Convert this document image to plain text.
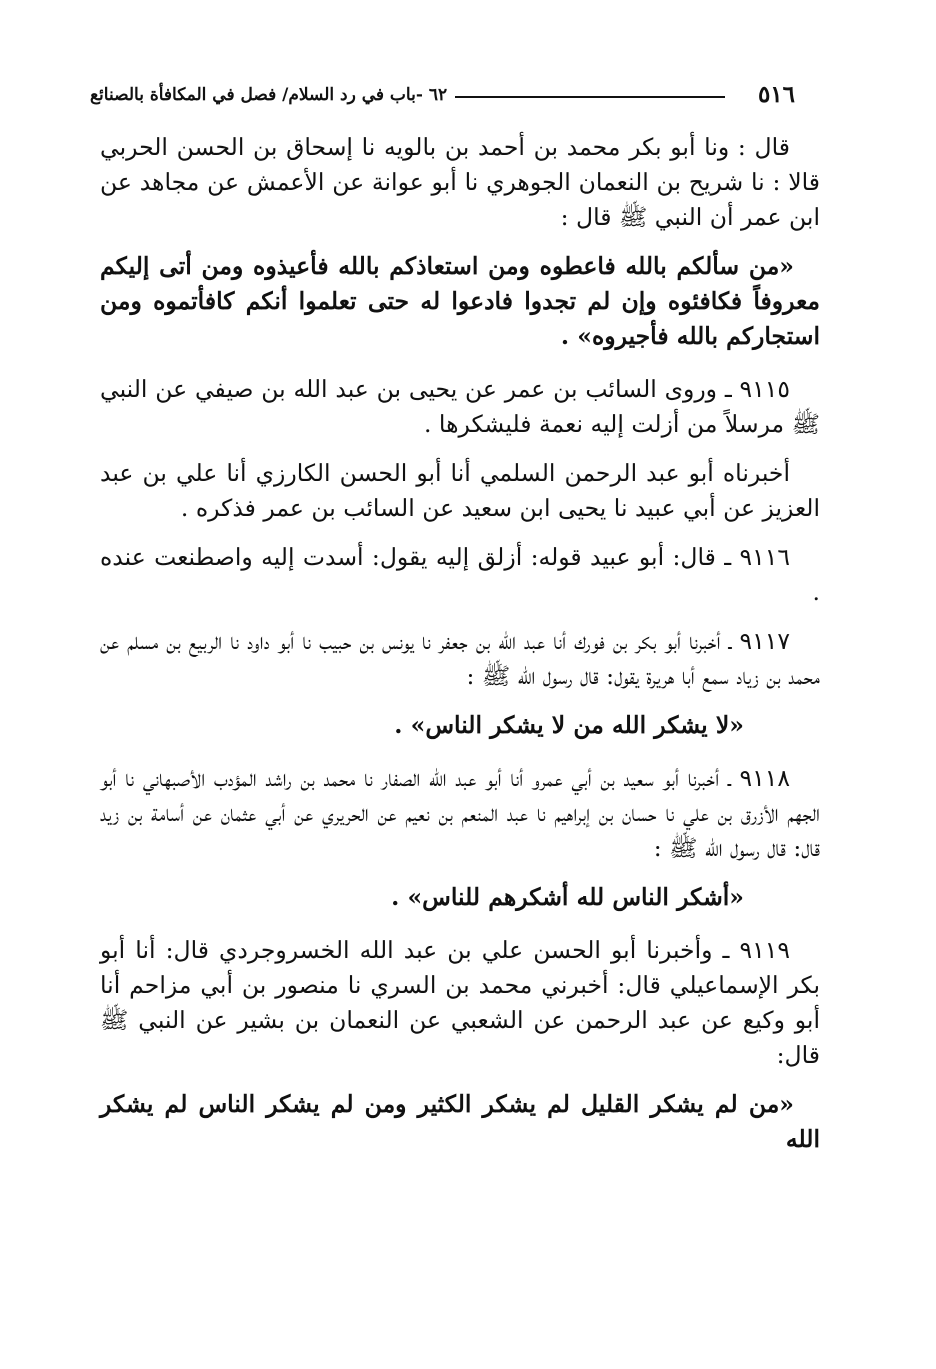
٥١٦
٦٢ -باب في رد السلام/ فصل في المكافأة بالصنائع

قال : ونا أبو بكر محمد بن أحمد بن بالويه نا إسحاق بن الحسن الحربي قالا : نا شريح بن النعمان الجوهري نا أبو عوانة عن الأعمش عن مجاهد عن ابن عمر أن النبي ﷺ قال :

«من سألكم بالله فاعطوه ومن استعاذكم بالله فأعيذوه ومن أتى إليكم معروفاً فكافئوه وإن لم تجدوا فادعوا له حتى تعلموا أنكم كافأتموه ومن استجاركم بالله فأجيروه» .

٩١١٥ ـ وروى السائب بن عمر عن يحيى بن عبد الله بن صيفي عن النبي ﷺ مرسلاً من أزلت إليه نعمة فليشكرها .

أخبرناه أبو عبد الرحمن السلمي أنا أبو الحسن الكارزي أنا علي بن عبد العزيز عن أبي عبيد نا يحيى ابن سعيد عن السائب بن عمر فذكره .

٩١١٦ ـ قال: أبو عبيد قوله: أزلق إليه يقول: أسدت إليه واصطنعت عنده .

٩١١٧ ـ أخبرنا أبو بكر بن فورك أنا عبد الله بن جعفر نا يونس بن حبيب نا أبو داود نا الربيع بن مسلم عن محمد بن زياد سمع أبا هريرة يقول: قال رسول الله ﷺ :

«لا يشكر الله من لا يشكر الناس» .

٩١١٨ ـ أخبرنا أبو سعيد بن أبي عمرو أنا أبو عبد الله الصفار نا محمد بن راشد المؤدب الأصبهاني نا أبو الجهم الأزرق بن علي نا حسان بن إبراهيم نا عبد المنعم بن نعيم عن الحريري عن أبي عثمان عن أسامة بن زيد قال: قال رسول الله ﷺ :

«أشكر الناس لله أشكرهم للناس» .

٩١١٩ ـ وأخبرنا أبو الحسن علي بن عبد الله الخسروجردي قال: أنا أبو بكر الإسماعيلي قال: أخبرني محمد بن السري نا منصور بن أبي مزاحم أنا أبو وكيع عن عبد الرحمن عن الشعبي عن النعمان بن بشير عن النبي ﷺ قال:

«من لم يشكر القليل لم يشكر الكثير ومن لم يشكر الناس لم يشكر الله
